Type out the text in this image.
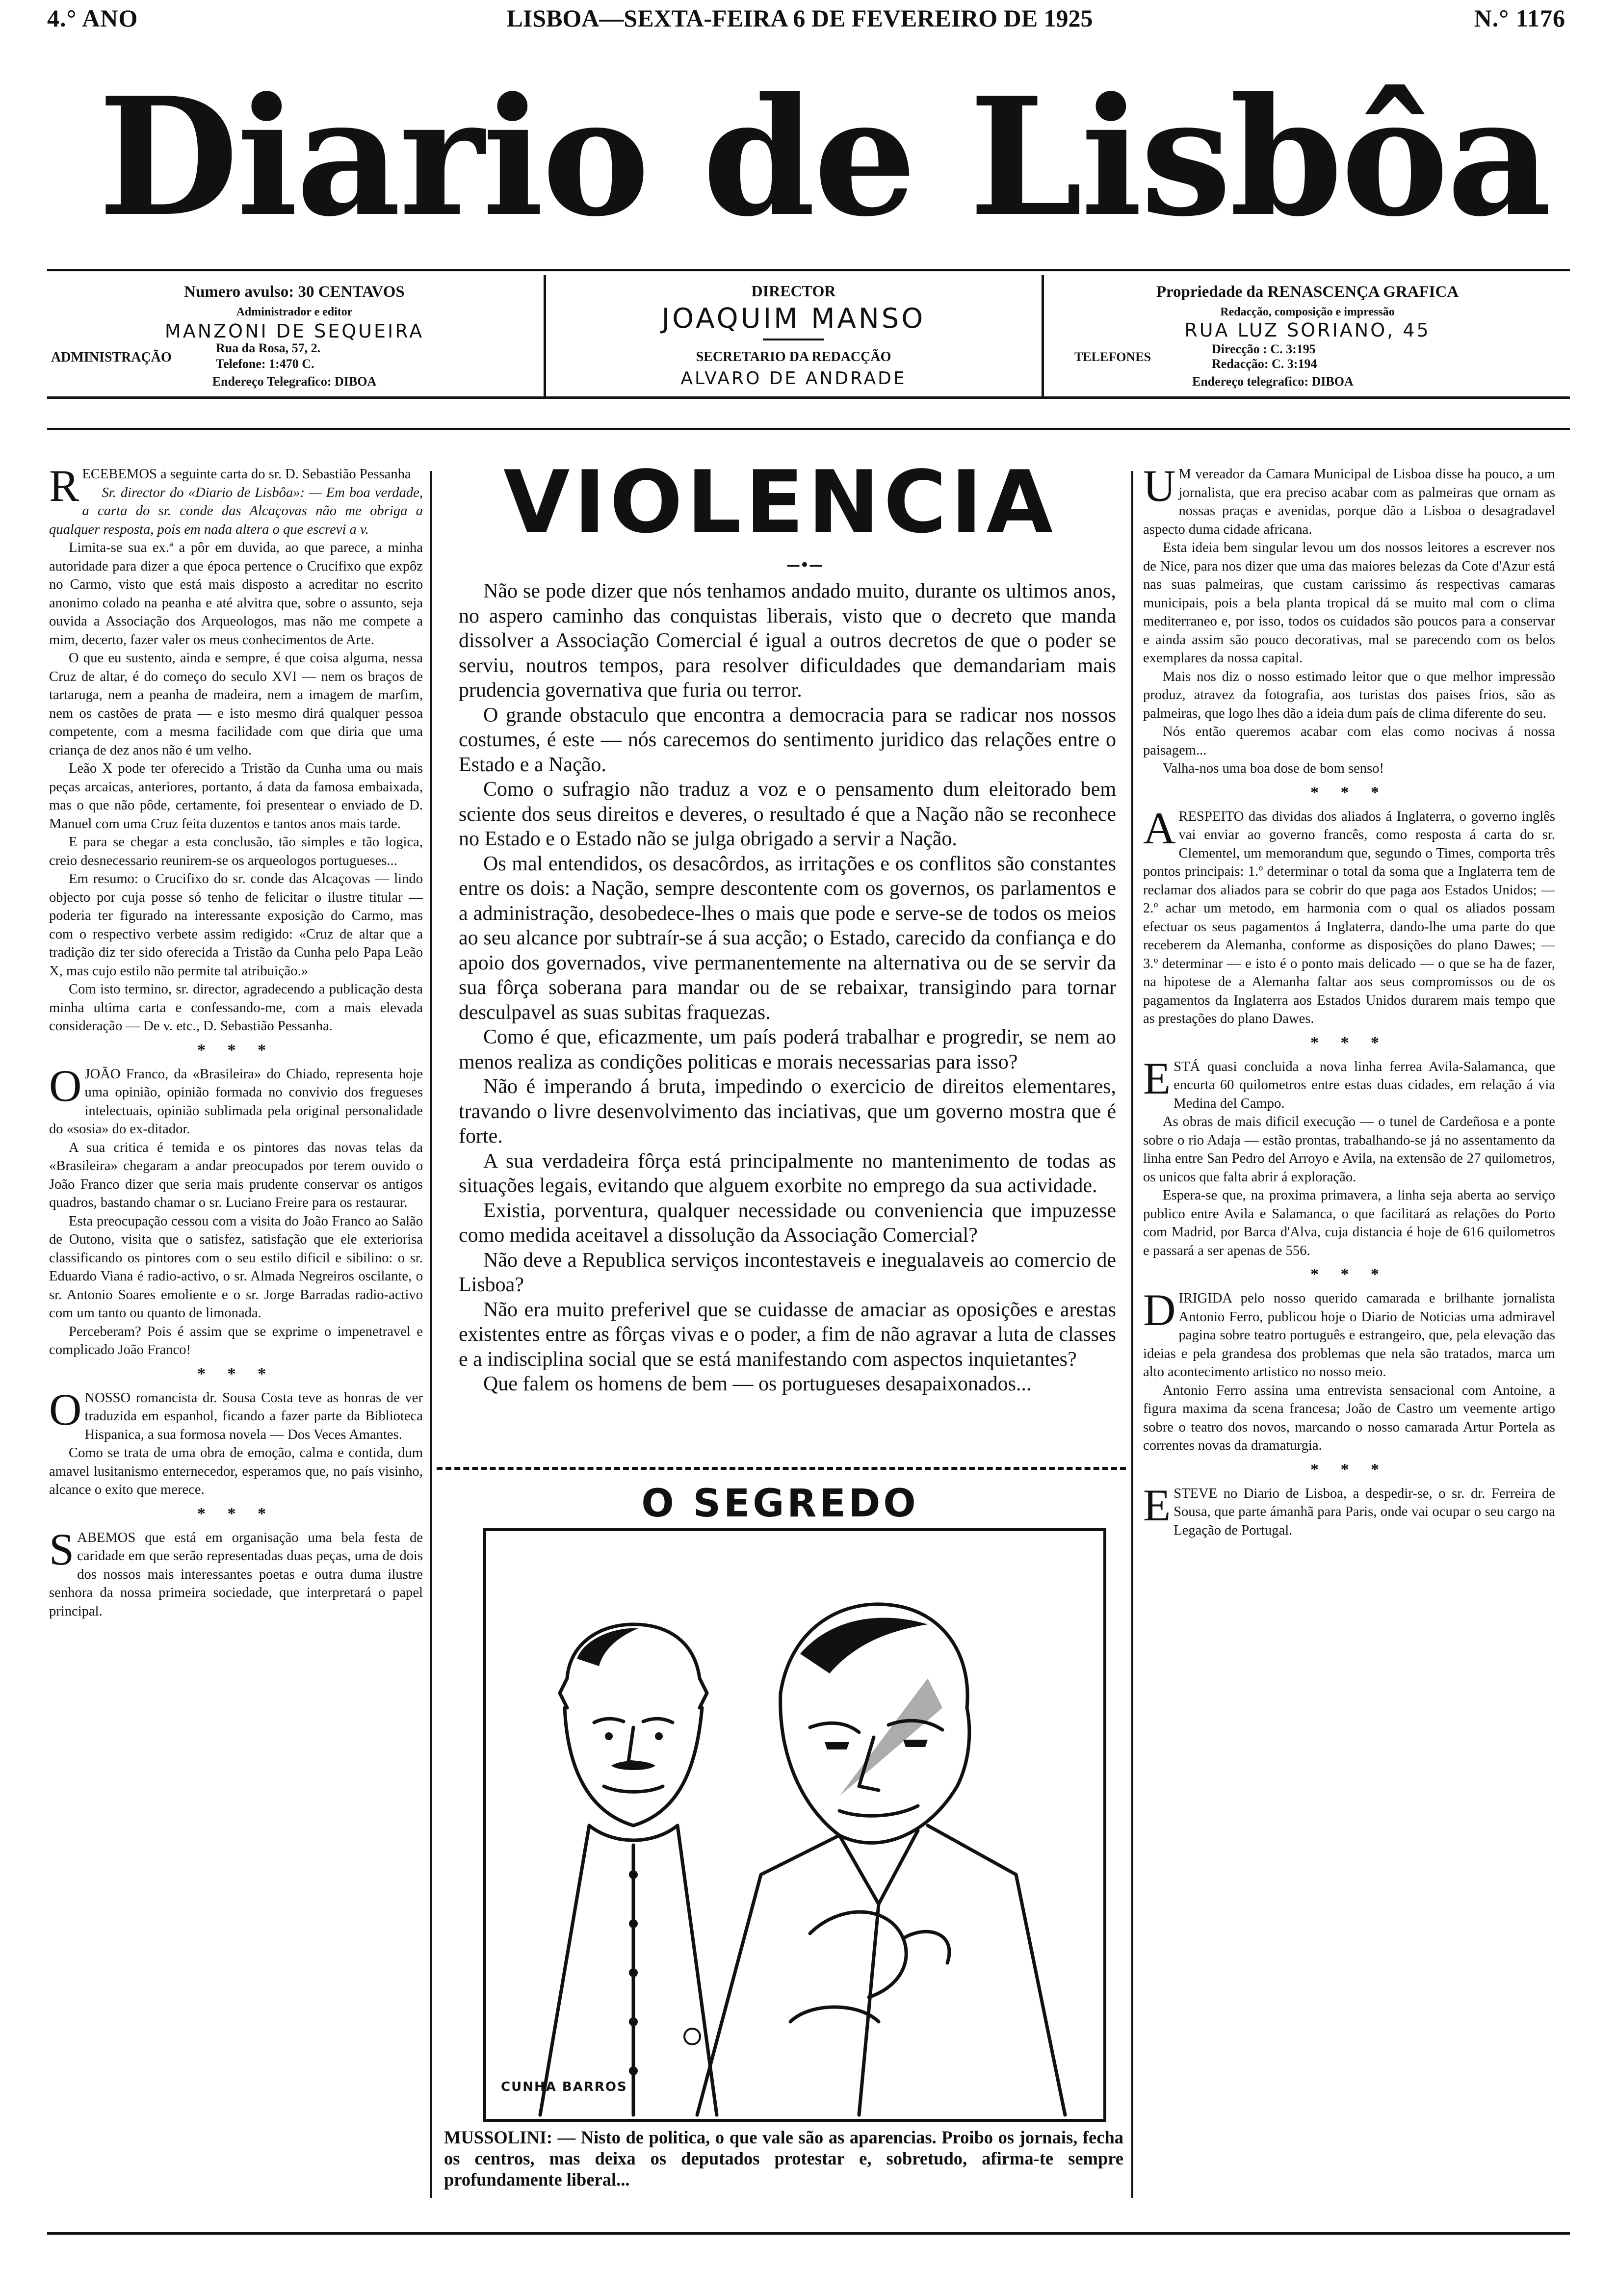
4.° ANO	LISBOA—SEXTA-FEIRA 6 DE FEVEREIRO DE 1925	N.° 1176
Diario de Lisbôa
Numero avulso: 30 CENTAVOS
Administrador e editor
MANZONI DE SEQUEIRA
ADMINISTRAÇÃO
Rua da Rosa, 57, 2.
Telefone: 1:470 C.
Endereço Telegrafico: DIBOA
DIRECTOR
JOAQUIM MANSO
SECRETARIO DA REDACÇÃO
ALVARO DE ANDRADE
Propriedade da RENASCENÇA GRAFICA
Redacção, composição e impressão
RUA LUZ SORIANO, 45
TELEFONES
Direcção : C. 3:195
Redacção: C. 3:194
Endereço telegrafico: DIBOA

RECEBEMOS a seguinte carta do sr. D. Sebastião Pessanha

Sr. director do «Diario de Lisbôa»: — Em boa verdade, a carta do sr. conde das Alcaçovas não me obriga a qualquer resposta, pois em nada altera o que escrevi a v.

Limita-se sua ex.ª a pôr em duvida, ao que parece, a minha autoridade para dizer a que época pertence o Crucifixo que expôz no Carmo, visto que está mais disposto a acreditar no escrito anonimo colado na peanha e até alvitra que, sobre o assunto, seja ouvida a Associação dos Arqueologos, mas não me compete a mim, decerto, fazer valer os meus conhecimentos de Arte.

O que eu sustento, ainda e sempre, é que coisa alguma, nessa Cruz de altar, é do começo do seculo XVI — nem os braços de tartaruga, nem a peanha de madeira, nem a imagem de marfim, nem os castões de prata — e isto mesmo dirá qualquer pessoa competente, com a mesma facilidade com que diria que uma criança de dez anos não é um velho.

Leão X pode ter oferecido a Tristão da Cunha uma ou mais peças arcaicas, anteriores, portanto, á data da famosa embaixada, mas o que não pôde, certamente, foi presentear o enviado de D. Manuel com uma Cruz feita duzentos e tantos anos mais tarde.

E para se chegar a esta conclusão, tão simples e tão logica, creio desnecessario reunirem-se os arqueologos portugueses...

Em resumo: o Crucifixo do sr. conde das Alcaçovas — lindo objecto por cuja posse só tenho de felicitar o ilustre titular — poderia ter figurado na interessante exposição do Carmo, mas com o respectivo verbete assim redigido: «Cruz de altar que a tradição diz ter sido oferecida a Tristão da Cunha pelo Papa Leão X, mas cujo estilo não permite tal atribuição.»

Com isto termino, sr. director, agradecendo a publicação desta minha ultima carta e confessando-me, com a mais elevada consideração — De v. etc., D. Sebastião Pessanha.

* * *

OJOÃO Franco, da «Brasileira» do Chiado, representa hoje uma opinião, opinião formada no convivio dos fregueses intelectuais, opinião sublimada pela original personalidade do «sosia» do ex-ditador.

A sua critica é temida e os pintores das novas telas da «Brasileira» chegaram a andar preocupados por terem ouvido o João Franco dizer que seria mais prudente conservar os antigos quadros, bastando chamar o sr. Luciano Freire para os restaurar.

Esta preocupação cessou com a visita do João Franco ao Salão de Outono, visita que o satisfez, satisfação que ele exteriorisa classificando os pintores com o seu estilo dificil e sibilino: o sr. Eduardo Viana é radio-activo, o sr. Almada Negreiros oscilante, o sr. Antonio Soares emoliente e o sr. Jorge Barradas radio-activo com um tanto ou quanto de limonada.

Perceberam? Pois é assim que se exprime o impenetravel e complicado João Franco!

* * *

ONOSSO romancista dr. Sousa Costa teve as honras de ver traduzida em espanhol, ficando a fazer parte da Biblioteca Hispanica, a sua formosa novela — Dos Veces Amantes.

Como se trata de uma obra de emoção, calma e contida, dum amavel lusitanismo enternecedor, esperamos que, no país visinho, alcance o exito que merece.

* * *

SABEMOS que está em organisação uma bela festa de caridade em que serão representadas duas peças, uma de dois dos nossos mais interessantes poetas e outra duma ilustre senhora da nossa primeira sociedade, que interpretará o papel principal.

VIOLENCIA
—•—

Não se pode dizer que nós tenhamos andado muito, durante os ultimos anos, no aspero caminho das conquistas liberais, visto que o decreto que manda dissolver a Associação Comercial é igual a outros decretos de que o poder se serviu, noutros tempos, para resolver dificuldades que demandariam mais prudencia governativa que furia ou terror.

O grande obstaculo que encontra a democracia para se radicar nos nossos costumes, é este — nós carecemos do sentimento juridico das relações entre o Estado e a Nação.

Como o sufragio não traduz a voz e o pensamento dum eleitorado bem sciente dos seus direitos e deveres, o resultado é que a Nação não se reconhece no Estado e o Estado não se julga obrigado a servir a Nação.

Os mal entendidos, os desacôrdos, as irritações e os conflitos são constantes entre os dois: a Nação, sempre descontente com os governos, os parlamentos e a administração, desobedece-lhes o mais que pode e serve-se de todos os meios ao seu alcance por subtraír-se á sua acção; o Estado, carecido da confiança e do apoio dos governados, vive permanentemente na alternativa ou de se servir da sua fôrça soberana para mandar ou de se rebaixar, transigindo para tornar desculpavel as suas subitas fraquezas.

Como é que, eficazmente, um país poderá trabalhar e progredir, se nem ao menos realiza as condições politicas e morais necessarias para isso?

Não é imperando á bruta, impedindo o exercicio de direitos elementares, travando o livre desenvolvimento das inciativas, que um governo mostra que é forte.

A sua verdadeira fôrça está principalmente no mantenimento de todas as situações legais, evitando que alguem exorbite no emprego da sua actividade.

Existia, porventura, qualquer necessidade ou conveniencia que impuzesse como medida aceitavel a dissolução da Associação Comercial?

Não deve a Republica serviços incontestaveis e inegualaveis ao comercio de Lisboa?

Não era muito preferivel que se cuidasse de amaciar as oposições e arestas existentes entre as fôrças vivas e o poder, a fim de não agravar a luta de classes e a indisciplina social que se está manifestando com aspectos inquietantes?

Que falem os homens de bem — os portugueses desapaixonados...

O SEGREDO
CUNHA BARROS
MUSSOLINI: — Nisto de politica, o que vale são as aparencias. Proibo os jornais, fecha os centros, mas deixa os deputados protestar e, sobretudo, afirma-te sempre profundamente liberal...

U M vereador da Camara Municipal de Lisboa disse ha pouco, a um jornalista, que era preciso acabar com as palmeiras que ornam as nossas praças e avenidas, porque dão a Lisboa o desagradavel aspecto duma cidade africana.

Esta ideia bem singular levou um dos nossos leitores a escrever nos de Nice, para nos dizer que uma das maiores belezas da Cote d'Azur está nas suas palmeiras, que custam carissimo ás respectivas camaras municipais, pois a bela planta tropical dá se muito mal com o clima mediterraneo e, por isso, todos os cuidados são poucos para a conservar e ainda assim são pouco decorativas, mal se parecendo com os belos exemplares da nossa capital.

Mais nos diz o nosso estimado leitor que o que melhor impressão produz, atravez da fotografia, aos turistas dos paises frios, são as palmeiras, que logo lhes dão a ideia dum país de clima diferente do seu.

Nós então queremos acabar com elas como nocivas á nossa paisagem...

Valha-nos uma boa dose de bom senso!

* * *

ARESPEITO das dividas dos aliados á Inglaterra, o governo inglês vai enviar ao governo francês, como resposta á carta do sr. Clementel, um memorandum que, segundo o Times, comporta três pontos principais: 1.º determinar o total da soma que a Inglaterra tem de reclamar dos aliados para se cobrir do que paga aos Estados Unidos; — 2.º achar um metodo, em harmonia com o qual os aliados possam efectuar os seus pagamentos á Inglaterra, dando-lhe uma parte do que receberem da Alemanha, conforme as disposições do plano Dawes; — 3.º determinar — e isto é o ponto mais delicado — o que se ha de fazer, na hipotese de a Alemanha faltar aos seus compromissos ou de os pagamentos da Inglaterra aos Estados Unidos durarem mais tempo que as prestações do plano Dawes.

* * *

ESTÁ quasi concluida a nova linha ferrea Avila-Salamanca, que encurta 60 quilometros entre estas duas cidades, em relação á via Medina del Campo.

As obras de mais dificil execução — o tunel de Cardeñosa e a ponte sobre o rio Adaja — estão prontas, trabalhando-se já no assentamento da linha entre San Pedro del Arroyo e Avila, na extensão de 27 quilometros, os unicos que falta abrir á exploração.

Espera-se que, na proxima primavera, a linha seja aberta ao serviço publico entre Avila e Salamanca, o que facilitará as relações do Porto com Madrid, por Barca d'Alva, cuja distancia é hoje de 616 quilometros e passará a ser apenas de 556.

* * *

DIRIGIDA pelo nosso querido camarada e brilhante jornalista Antonio Ferro, publicou hoje o Diario de Noticias uma admiravel pagina sobre teatro português e estrangeiro, que, pela elevação das ideias e pela grandesa dos problemas que nela são tratados, marca um alto acontecimento artistico no nosso meio.

Antonio Ferro assina uma entrevista sensacional com Antoine, a figura maxima da scena francesa; João de Castro um veemente artigo sobre o teatro dos novos, marcando o nosso camarada Artur Portela as correntes novas da dramaturgia.

* * *

ESTEVE no Diario de Lisboa, a despedir-se, o sr. dr. Ferreira de Sousa, que parte ámanhã para Paris, onde vai ocupar o seu cargo na Legação de Portugal.
